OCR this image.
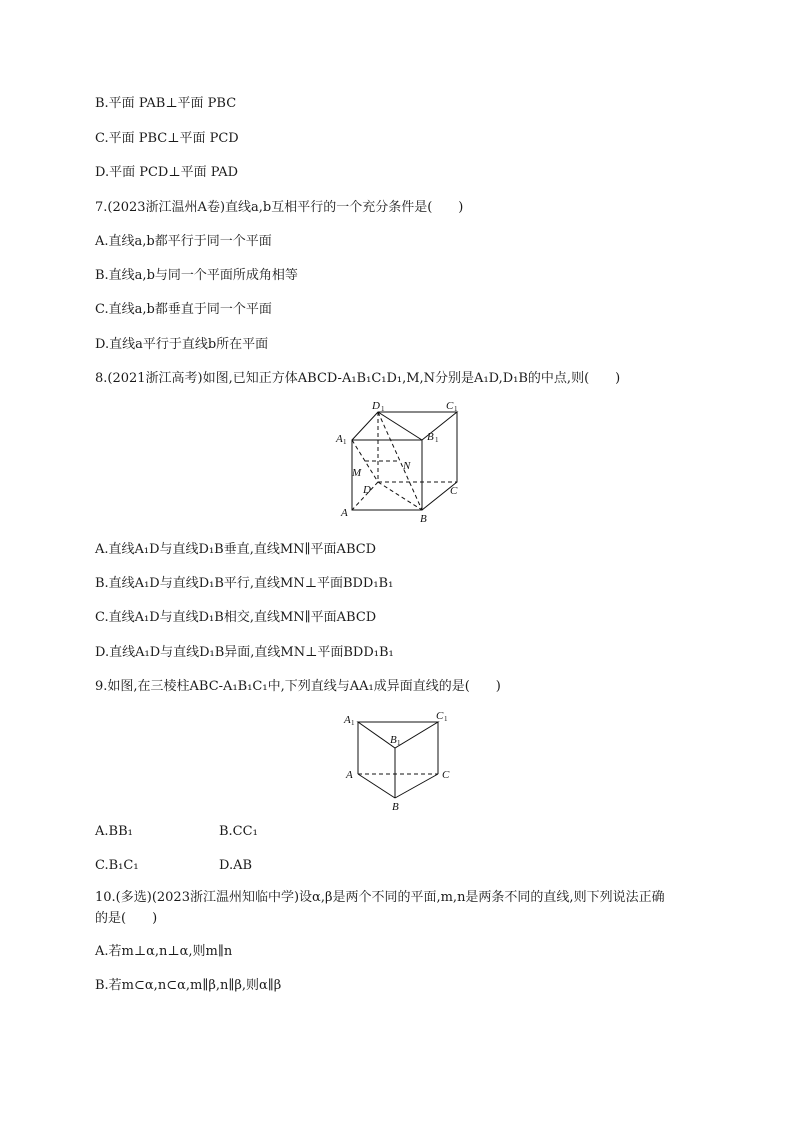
B.平面 PAB⊥平面 PBC
C.平面 PBC⊥平面 PCD
D.平面 PCD⊥平面 PAD
7.(2023浙江温州A卷)直线a,b互相平行的一个充分条件是(　　)
A.直线a,b都平行于同一个平面
B.直线a,b与同一个平面所成角相等
C.直线a,b都垂直于同一个平面
D.直线a平行于直线b所在平面
8.(2021浙江高考)如图,已知正方体ABCD-A₁B₁C₁D₁,M,N分别是A₁D,D₁B的中点,则(　　)
D 1	C 1
A 1	B 1
M
N
D	C
A	B
A.直线A₁D与直线D₁B垂直,直线MN∥平面ABCD
B.直线A₁D与直线D₁B平行,直线MN⊥平面BDD₁B₁
C.直线A₁D与直线D₁B相交,直线MN∥平面ABCD
D.直线A₁D与直线D₁B异面,直线MN⊥平面BDD₁B₁
9.如图,在三棱柱ABC-A₁B₁C₁中,下列直线与AA₁成异面直线的是(　　)
A 1
C 1
B 1
A	C
B
A.BB₁	B.CC₁
C.B₁C₁	D.AB
10.(多选)(2023浙江温州知临中学)设α,β是两个不同的平面,m,n是两条不同的直线,则下列说法正确
的是(　　)
A.若m⊥α,n⊥α,则m∥n
B.若m⊂α,n⊂α,m∥β,n∥β,则α∥β
